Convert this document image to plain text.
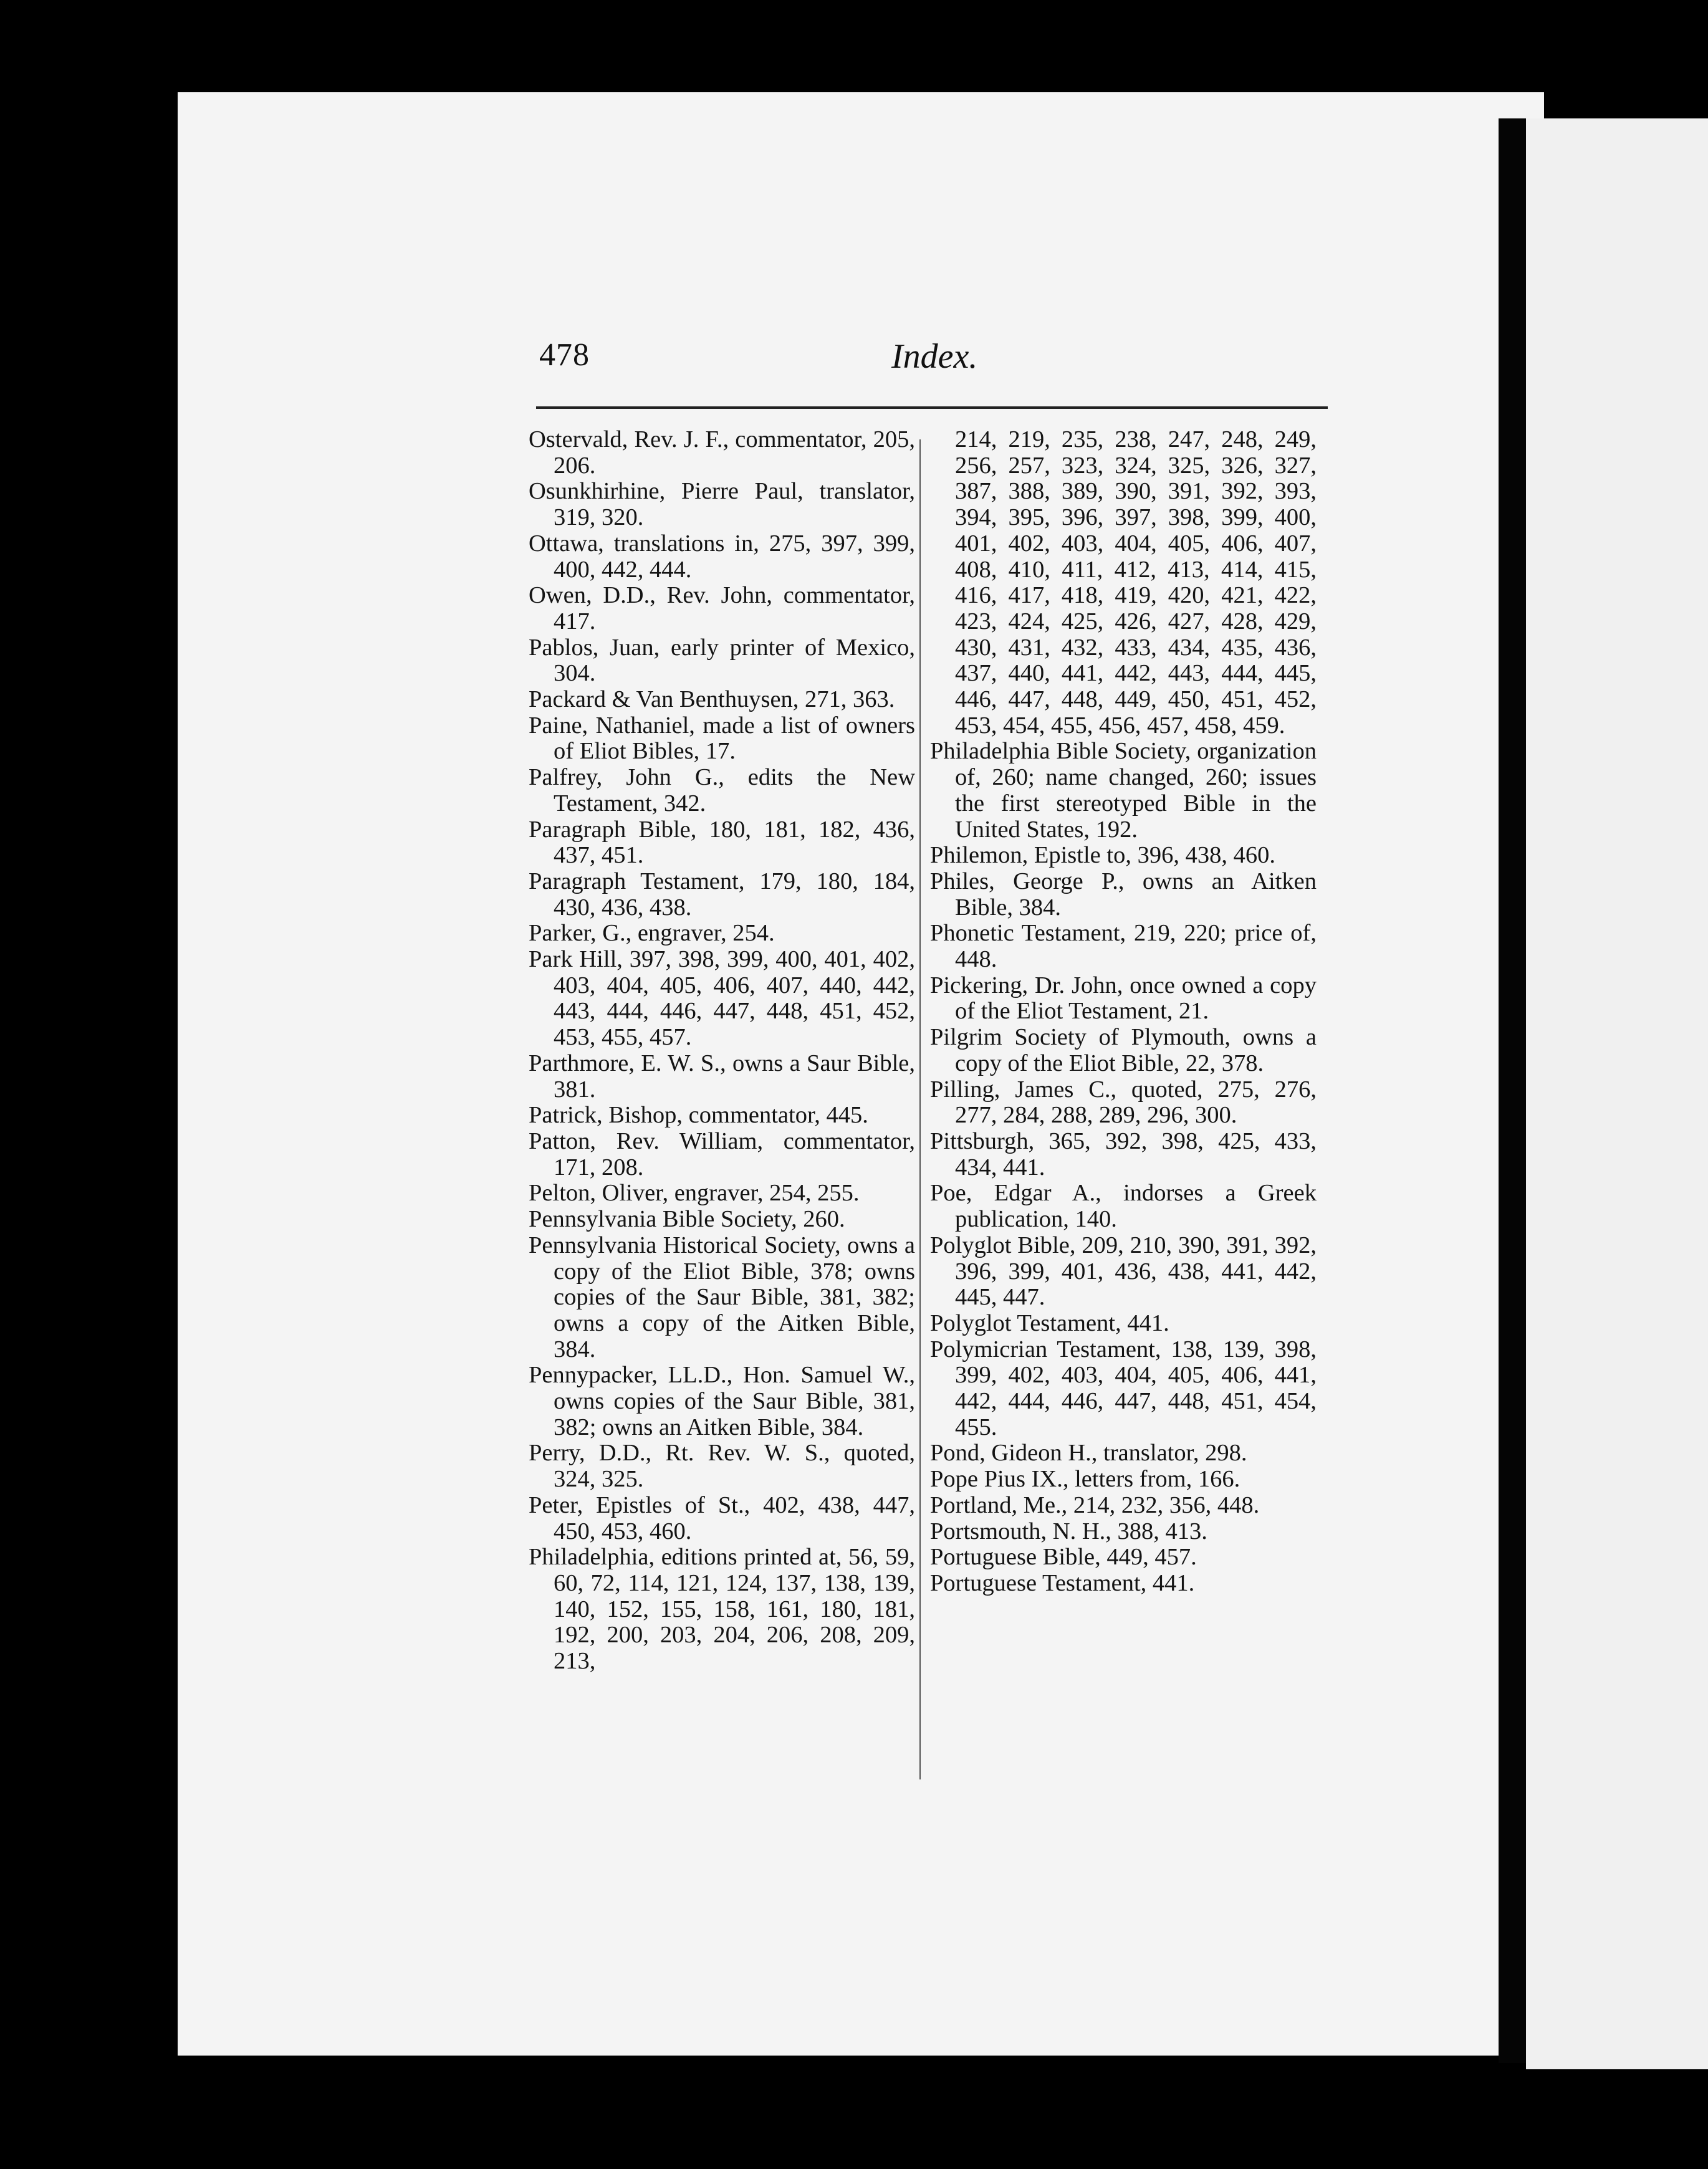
478	Index.

Ostervald, Rev. J. F., commentator, 205, 206.

Osunkhirhine, Pierre Paul, translator, 319, 320.

Ottawa, translations in, 275, 397, 399, 400, 442, 444.

Owen, D.D., Rev. John, commentator, 417.

Pablos, Juan, early printer of Mexico, 304.

Packard & Van Benthuysen, 271, 363.

Paine, Nathaniel, made a list of owners of Eliot Bibles, 17.

Palfrey, John G., edits the New Testament, 342.

Paragraph Bible, 180, 181, 182, 436, 437, 451.

Paragraph Testament, 179, 180, 184, 430, 436, 438.

Parker, G., engraver, 254.

Park Hill, 397, 398, 399, 400, 401, 402, 403, 404, 405, 406, 407, 440, 442, 443, 444, 446, 447, 448, 451, 452, 453, 455, 457.

Parthmore, E. W. S., owns a Saur Bible, 381.

Patrick, Bishop, commentator, 445.

Patton, Rev. William, commentator, 171, 208.

Pelton, Oliver, engraver, 254, 255.

Pennsylvania Bible Society, 260.

Pennsylvania Historical Society, owns a copy of the Eliot Bible, 378; owns copies of the Saur Bible, 381, 382; owns a copy of the Aitken Bible, 384.

Pennypacker, LL.D., Hon. Samuel W., owns copies of the Saur Bible, 381, 382; owns an Aitken Bible, 384.

Perry, D.D., Rt. Rev. W. S., quoted, 324, 325.

Peter, Epistles of St., 402, 438, 447, 450, 453, 460.

Philadelphia, editions printed at, 56, 59, 60, 72, 114, 121, 124, 137, 138, 139, 140, 152, 155, 158, 161, 180, 181, 192, 200, 203, 204, 206, 208, 209, 213,

214, 219, 235, 238, 247, 248, 249, 256, 257, 323, 324, 325, 326, 327, 387, 388, 389, 390, 391, 392, 393, 394, 395, 396, 397, 398, 399, 400, 401, 402, 403, 404, 405, 406, 407, 408, 410, 411, 412, 413, 414, 415, 416, 417, 418, 419, 420, 421, 422, 423, 424, 425, 426, 427, 428, 429, 430, 431, 432, 433, 434, 435, 436, 437, 440, 441, 442, 443, 444, 445, 446, 447, 448, 449, 450, 451, 452, 453, 454, 455, 456, 457, 458, 459.

Philadelphia Bible Society, organization of, 260; name changed, 260; issues the first stereotyped Bible in the United States, 192.

Philemon, Epistle to, 396, 438, 460.

Philes, George P., owns an Aitken Bible, 384.

Phonetic Testament, 219, 220; price of, 448.

Pickering, Dr. John, once owned a copy of the Eliot Testament, 21.

Pilgrim Society of Plymouth, owns a copy of the Eliot Bible, 22, 378.

Pilling, James C., quoted, 275, 276, 277, 284, 288, 289, 296, 300.

Pittsburgh, 365, 392, 398, 425, 433, 434, 441.

Poe, Edgar A., indorses a Greek publication, 140.

Polyglot Bible, 209, 210, 390, 391, 392, 396, 399, 401, 436, 438, 441, 442, 445, 447.

Polyglot Testament, 441.

Polymicrian Testament, 138, 139, 398, 399, 402, 403, 404, 405, 406, 441, 442, 444, 446, 447, 448, 451, 454, 455.

Pond, Gideon H., translator, 298.

Pope Pius IX., letters from, 166.

Portland, Me., 214, 232, 356, 448.

Portsmouth, N. H., 388, 413.

Portuguese Bible, 449, 457.

Portuguese Testament, 441.
